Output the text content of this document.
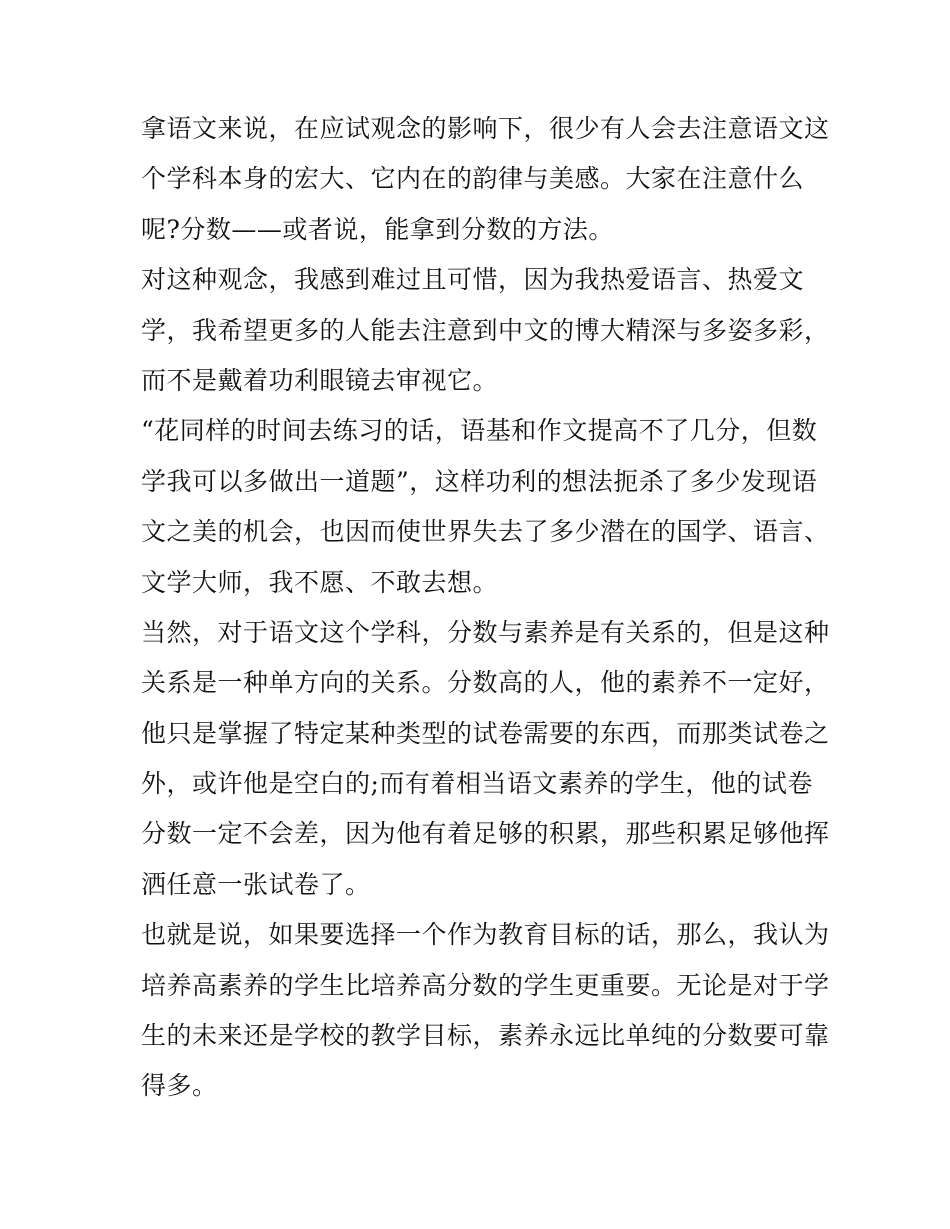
拿语文来说，在应试观念的影响下，很少有人会去注意语文这
个学科本身的宏大、它内在的韵律与美感。大家在注意什么
呢?分数——或者说，能拿到分数的方法。

对这种观念，我感到难过且可惜，因为我热爱语言、热爱文
学，我希望更多的人能去注意到中文的博大精深与多姿多彩，
而不是戴着功利眼镜去审视它。

“花同样的时间去练习的话，语基和作文提高不了几分，但数
学我可以多做出一道题”，这样功利的想法扼杀了多少发现语
文之美的机会，也因而使世界失去了多少潜在的国学、语言、
文学大师，我不愿、不敢去想。

当然，对于语文这个学科，分数与素养是有关系的，但是这种
关系是一种单方向的关系。分数高的人，他的素养不一定好，
他只是掌握了特定某种类型的试卷需要的东西，而那类试卷之
外，或许他是空白的;而有着相当语文素养的学生，他的试卷
分数一定不会差，因为他有着足够的积累，那些积累足够他挥
洒任意一张试卷了。

也就是说，如果要选择一个作为教育目标的话，那么，我认为
培养高素养的学生比培养高分数的学生更重要。无论是对于学
生的未来还是学校的教学目标，素养永远比单纯的分数要可靠
得多。
